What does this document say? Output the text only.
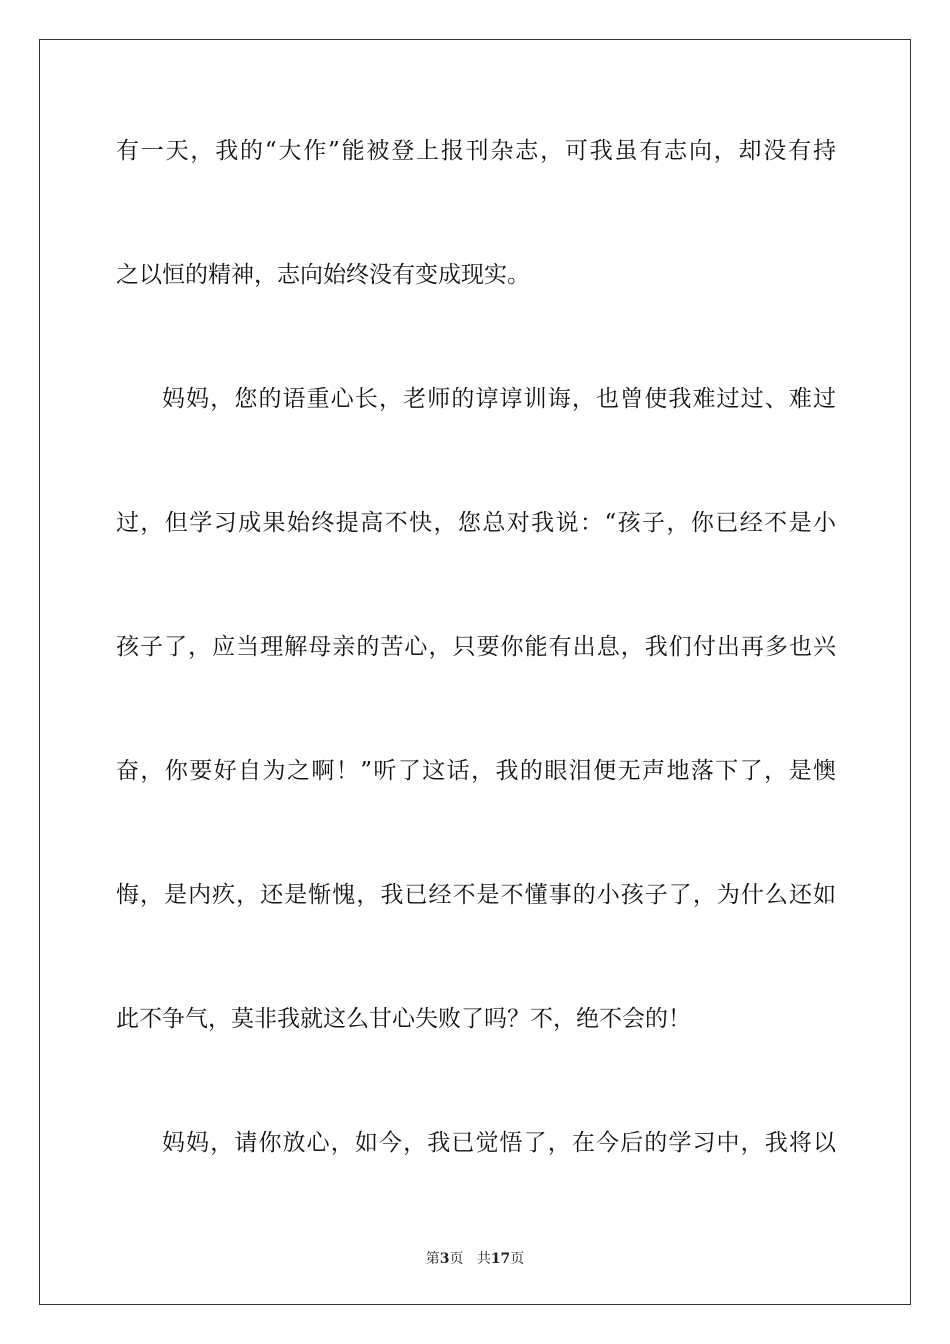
有一天，我的“大作”能被登上报刊杂志，可我虽有志向，却没有持
之以恒的精神，志向始终没有变成现实。
妈妈，您的语重心长，老师的谆谆训诲，也曾使我难过过、难过
过，但学习成果始终提高不快，您总对我说：“孩子，你已经不是小
孩子了，应当理解母亲的苦心，只要你能有出息，我们付出再多也兴
奋，你要好自为之啊！”听了这话，我的眼泪便无声地落下了，是懊
悔，是内疚，还是惭愧，我已经不是不懂事的小孩子了，为什么还如
此不争气，莫非我就这么甘心失败了吗？不，绝不会的！
妈妈，请你放心，如今，我已觉悟了，在今后的学习中，我将以
第3页 共17页
